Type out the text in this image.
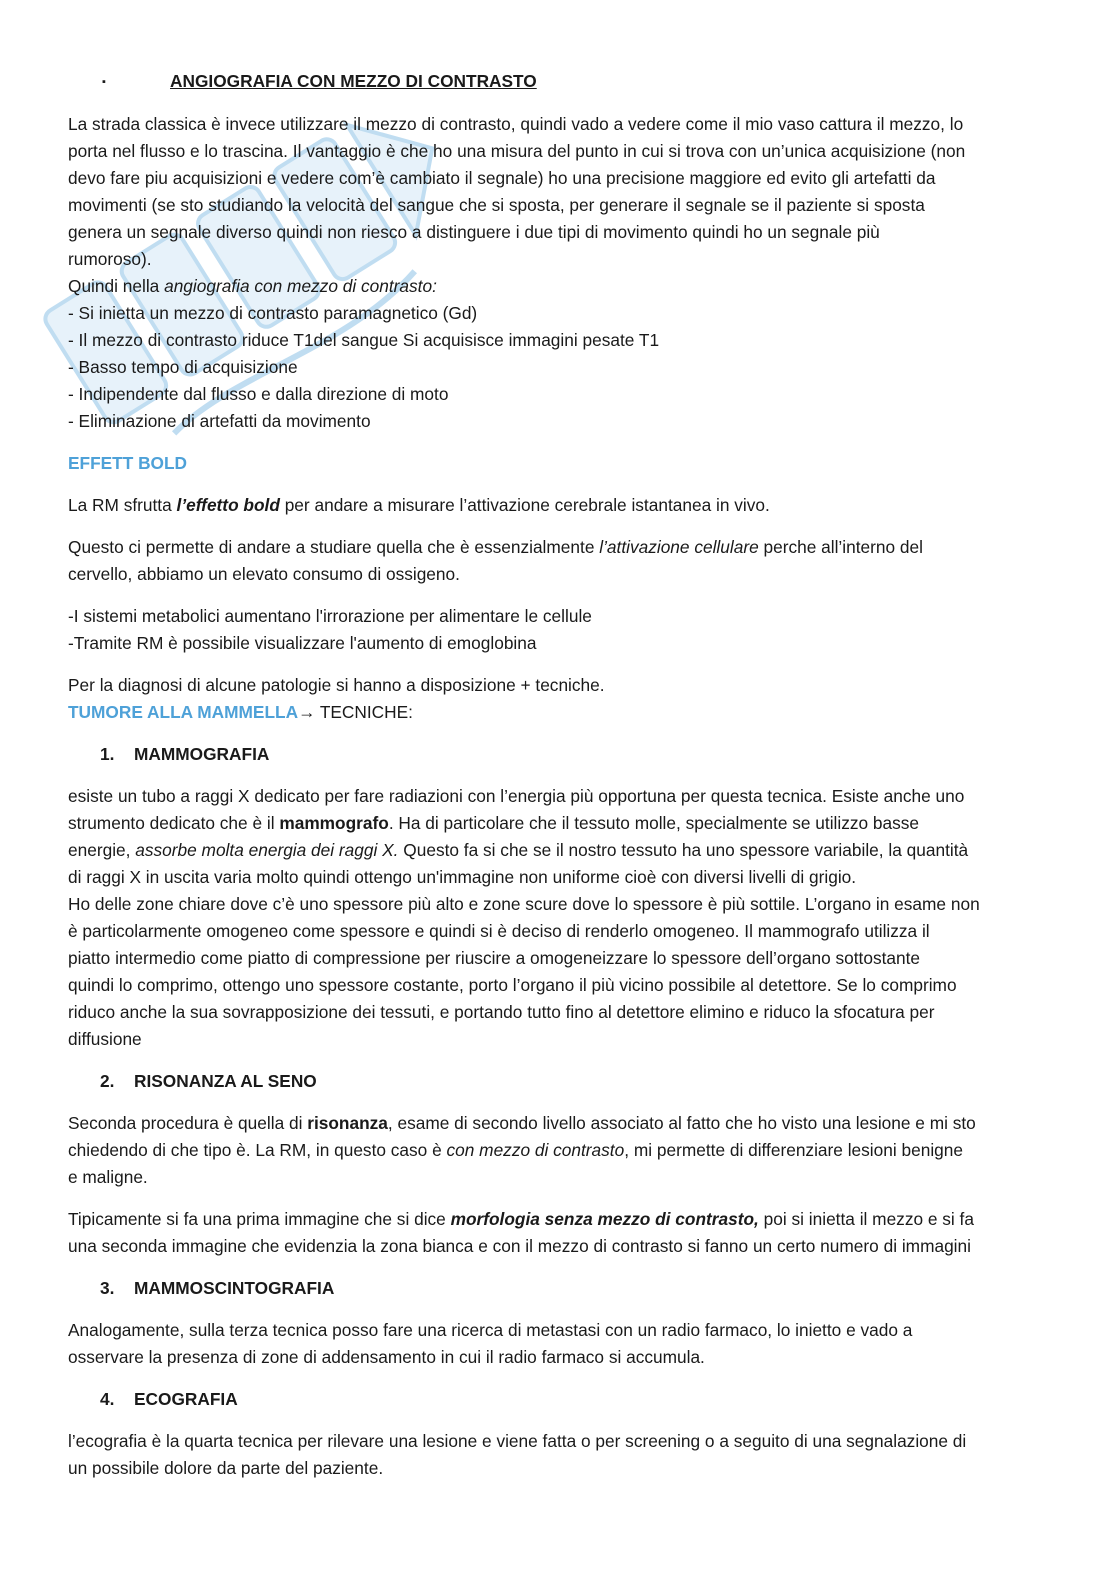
▪	ANGIOGRAFIA CON MEZZO DI CONTRASTO
La strada classica è invece utilizzare il mezzo di contrasto, quindi vado a vedere come il mio vaso cattura il mezzo, lo
porta nel flusso e lo trascina. Il vantaggio è che ho una misura del punto in cui si trova con un’unica acquisizione (non
devo fare piu acquisizioni e vedere com’è cambiato il segnale) ho una precisione maggiore ed evito gli artefatti da
movimenti (se sto studiando la velocità del sangue che si sposta, per generare il segnale se il paziente si sposta
genera un segnale diverso quindi non riesco a distinguere i due tipi di movimento quindi ho un segnale più
rumoroso).
Quindi nella angiografia con mezzo di contrasto:
- Si inietta un mezzo di contrasto paramagnetico (Gd)
- Il mezzo di contrasto riduce T1del sangue Si acquisisce immagini pesate T1
- Basso tempo di acquisizione
- Indipendente dal flusso e dalla direzione di moto
- Eliminazione di artefatti da movimento
EFFETT BOLD
La RM sfrutta l’effetto bold per andare a misurare l’attivazione cerebrale istantanea in vivo.
Questo ci permette di andare a studiare quella che è essenzialmente l’attivazione cellulare perche all’interno del
cervello, abbiamo un elevato consumo di ossigeno.
-I sistemi metabolici aumentano l'irrorazione per alimentare le cellule
-Tramite RM è possibile visualizzare l'aumento di emoglobina
Per la diagnosi di alcune patologie si hanno a disposizione + tecniche.
TUMORE ALLA MAMMELLA→ TECNICHE:
1. MAMMOGRAFIA
esiste un tubo a raggi X dedicato per fare radiazioni con l’energia più opportuna per questa tecnica. Esiste anche uno
strumento dedicato che è il mammografo. Ha di particolare che il tessuto molle, specialmente se utilizzo basse
energie, assorbe molta energia dei raggi X. Questo fa si che se il nostro tessuto ha uno spessore variabile, la quantità
di raggi X in uscita varia molto quindi ottengo un'immagine non uniforme cioè con diversi livelli di grigio.
Ho delle zone chiare dove c’è uno spessore più alto e zone scure dove lo spessore è più sottile. L’organo in esame non
è particolarmente omogeneo come spessore e quindi si è deciso di renderlo omogeneo. Il mammografo utilizza il
piatto intermedio come piatto di compressione per riuscire a omogeneizzare lo spessore dell’organo sottostante
quindi lo comprimo, ottengo uno spessore costante, porto l’organo il più vicino possibile al detettore. Se lo comprimo
riduco anche la sua sovrapposizione dei tessuti, e portando tutto fino al detettore elimino e riduco la sfocatura per
diffusione
2. RISONANZA AL SENO
Seconda procedura è quella di risonanza, esame di secondo livello associato al fatto che ho visto una lesione e mi sto
chiedendo di che tipo è. La RM, in questo caso è con mezzo di contrasto, mi permette di differenziare lesioni benigne
e maligne.
Tipicamente si fa una prima immagine che si dice morfologia senza mezzo di contrasto, poi si inietta il mezzo e si fa
una seconda immagine che evidenzia la zona bianca e con il mezzo di contrasto si fanno un certo numero di immagini
3. MAMMOSCINTOGRAFIA
Analogamente, sulla terza tecnica posso fare una ricerca di metastasi con un radio farmaco, lo inietto e vado a
osservare la presenza di zone di addensamento in cui il radio farmaco si accumula.
4. ECOGRAFIA
l’ecografia è la quarta tecnica per rilevare una lesione e viene fatta o per screening o a seguito di una segnalazione di
un possibile dolore da parte del paziente.
